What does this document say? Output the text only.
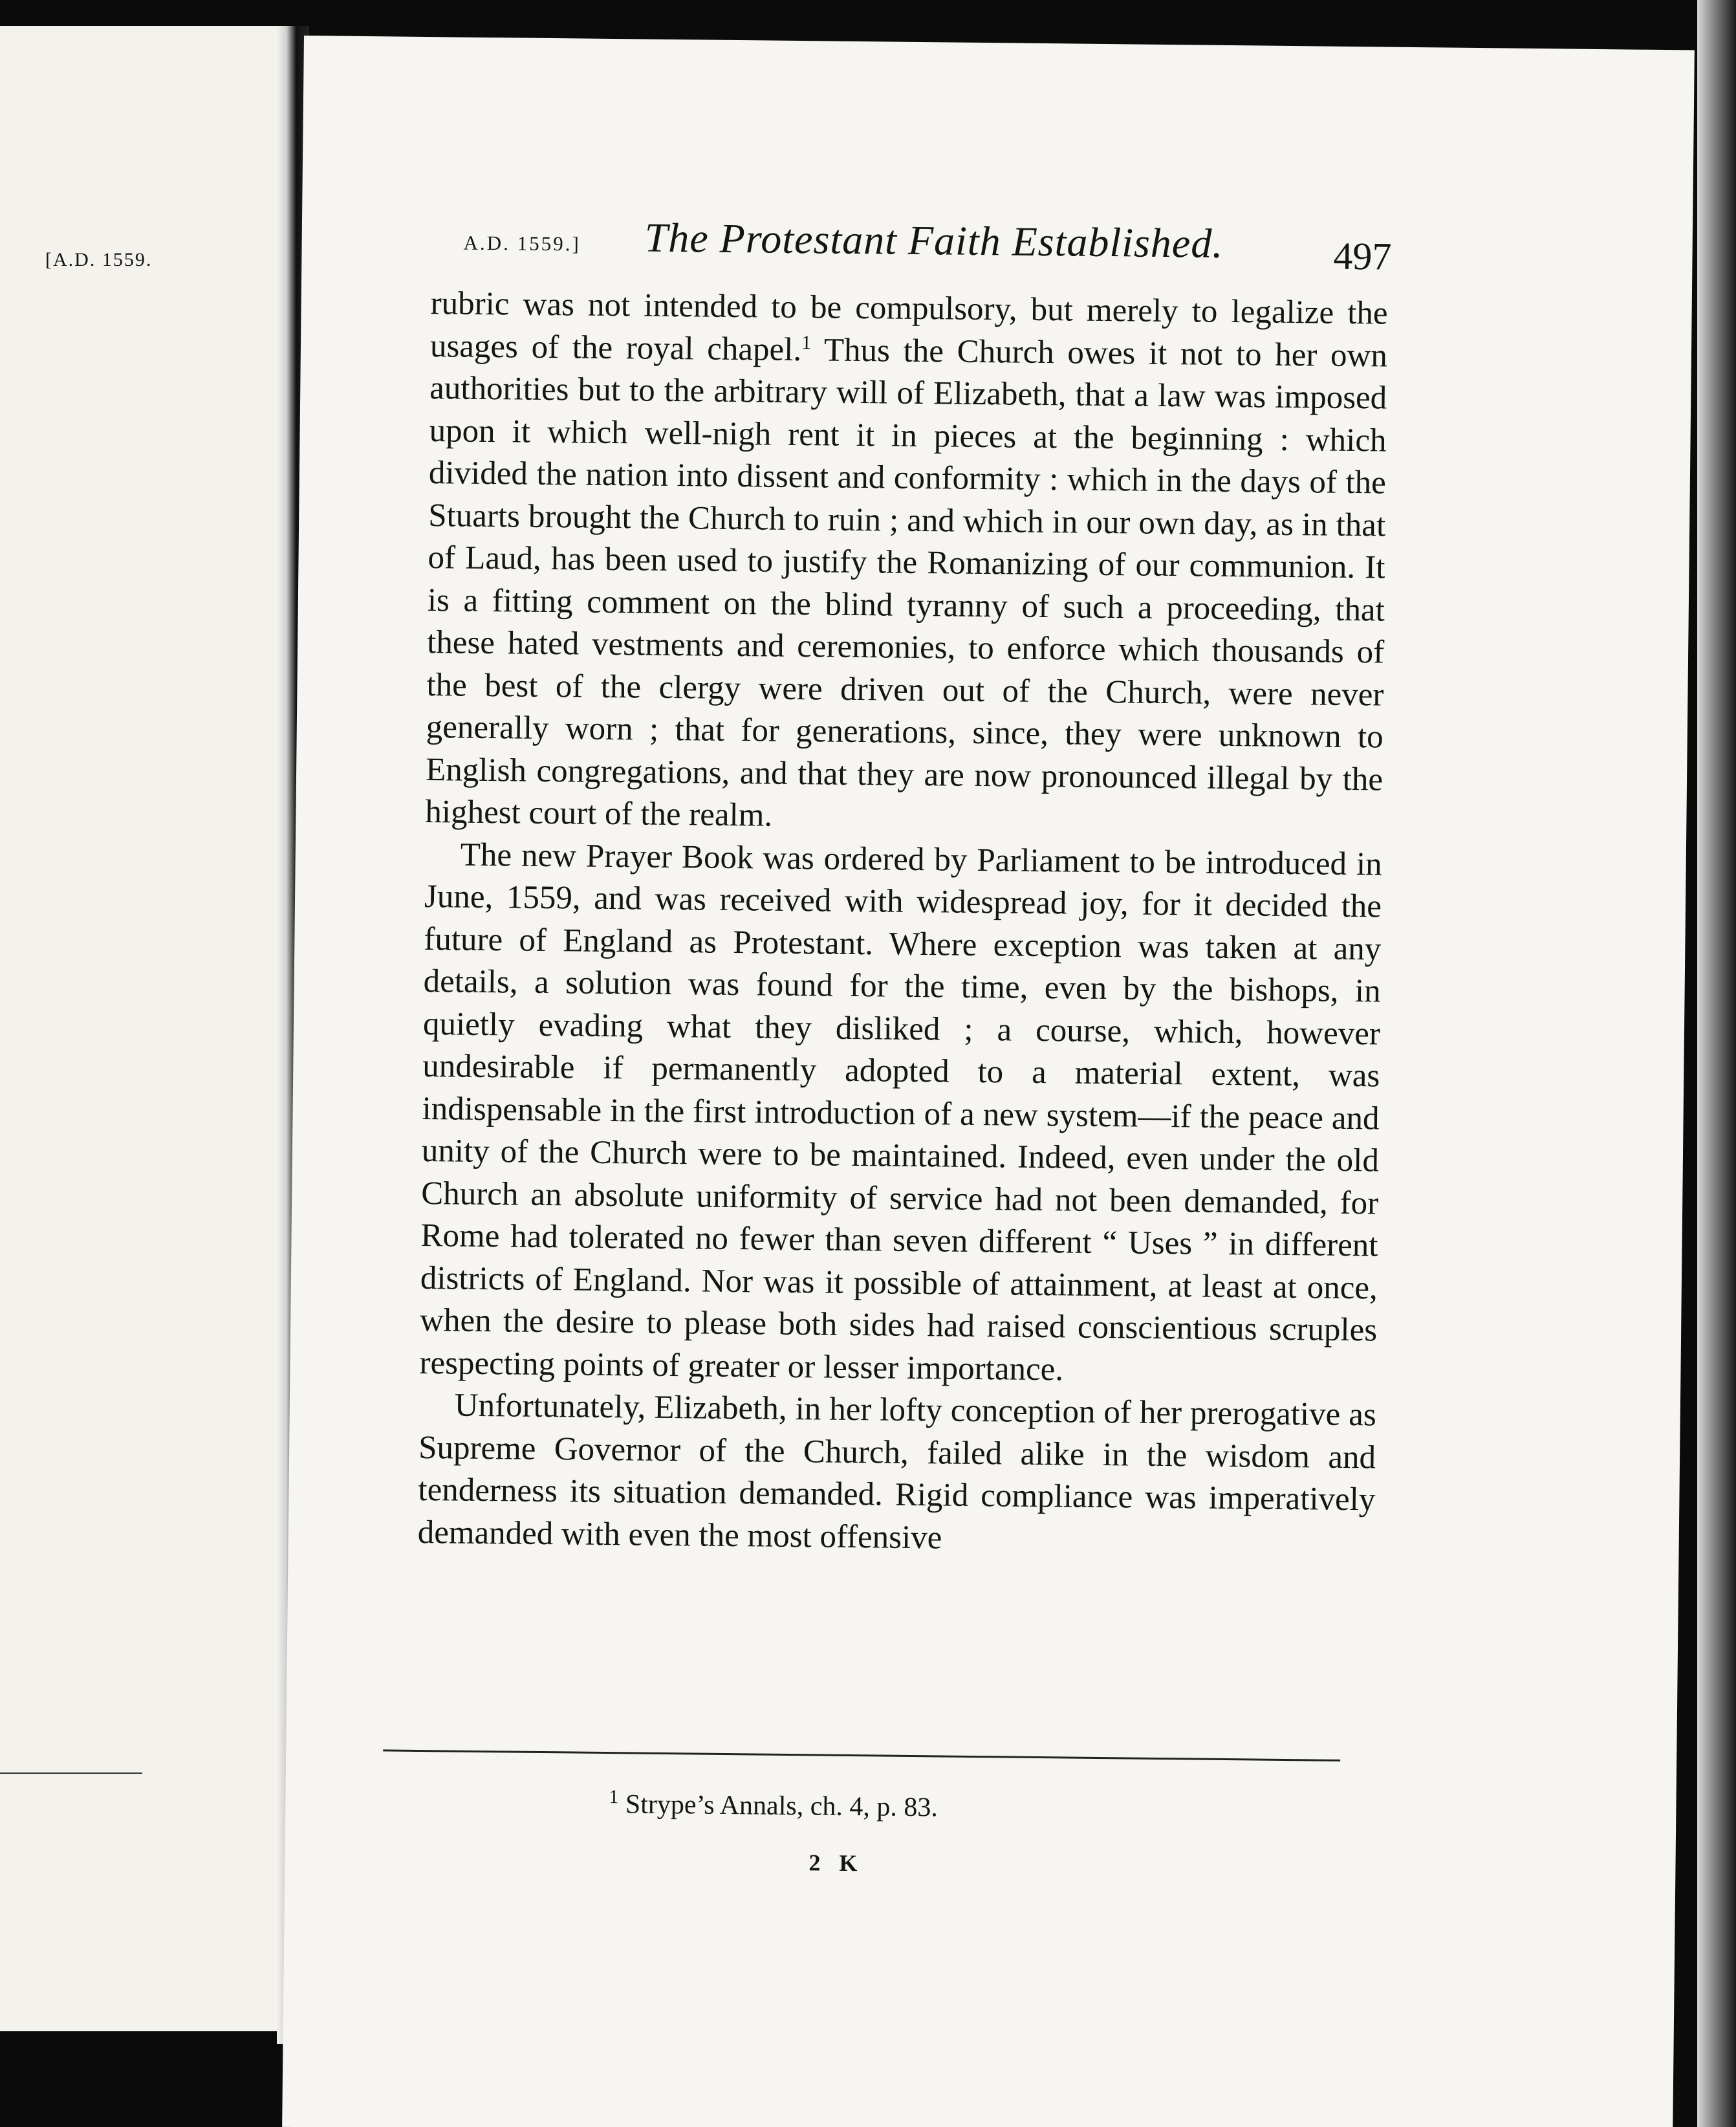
[A.D. 1559.

A.D. 1559.] The Protestant Faith Established.	497

rubric was not intended to be compulsory, but merely to legalize the usages of the royal chapel.$^1$ Thus the Church owes it not to her own authorities but to the arbitrary will of Elizabeth, that a law was imposed upon it which well-nigh rent it in pieces at the beginning : which divided the nation into dissent and conformity : which in the days of the Stuarts brought the Church to ruin ; and which in our own day, as in that of Laud, has been used to justify the Romanizing of our communion. It is a fitting comment on the blind tyranny of such a proceeding, that these hated vestments and ceremonies, to enforce which thousands of the best of the clergy were driven out of the Church, were never generally worn ; that for generations, since, they were unknown to English congregations, and that they are now pronounced illegal by the highest court of the realm.

The new Prayer Book was ordered by Parliament to be introduced in June, 1559, and was received with widespread joy, for it decided the future of England as Protestant. Where exception was taken at any details, a solution was found for the time, even by the bishops, in quietly evading what they disliked ; a course, which, however undesirable if permanently adopted to a material extent, was indispensable in the first introduction of a new system—if the peace and unity of the Church were to be maintained. Indeed, even under the old Church an absolute uniformity of service had not been demanded, for Rome had tolerated no fewer than seven different “ Uses ” in different districts of England. Nor was it possible of attainment, at least at once, when the desire to please both sides had raised conscientious scruples respecting points of greater or lesser importance.

Unfortunately, Elizabeth, in her lofty conception of her prerogative as Supreme Governor of the Church, failed alike in the wisdom and tenderness its situation demanded. Rigid compliance was imperatively demanded with even the most offensive

$^1$ Strype’s Annals, ch. 4, p. 83.
2 K
